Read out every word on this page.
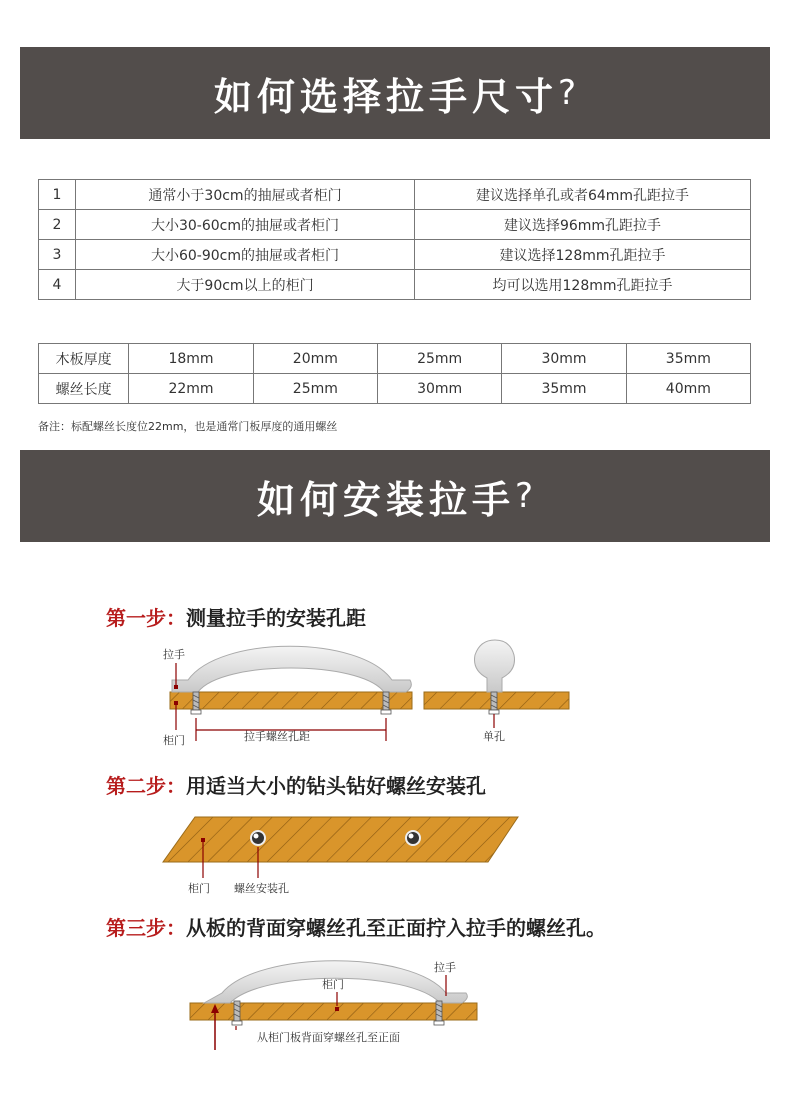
如何选择拉手尺寸 ?
1	通常小于30cm的抽屉或者柜门	建议选择单孔或者64mm孔距拉手
2	大小30-60cm的抽屉或者柜门	建议选择96mm孔距拉手
3	大小60-90cm的抽屉或者柜门	建议选择128mm孔距拉手
4	大于90cm以上的柜门	均可以选用128mm孔距拉手
木板厚度	18mm	20mm	25mm	30mm	35mm
螺丝长度	22mm	25mm	30mm	35mm	40mm
备注：标配螺丝长度位22mm，也是通常门板厚度的通用螺丝
如何安装拉手 ?
第一步：测量拉手的安装孔距
第二步：用适当大小的钻头钻好螺丝安装孔
第三步：从板的背面穿螺丝孔至正面拧入拉手的螺丝孔。
拉手
柜门	拉手螺丝孔距	单孔
柜门 螺丝安装孔
柜门
拉手
从柜门板背面穿螺丝孔至正面
